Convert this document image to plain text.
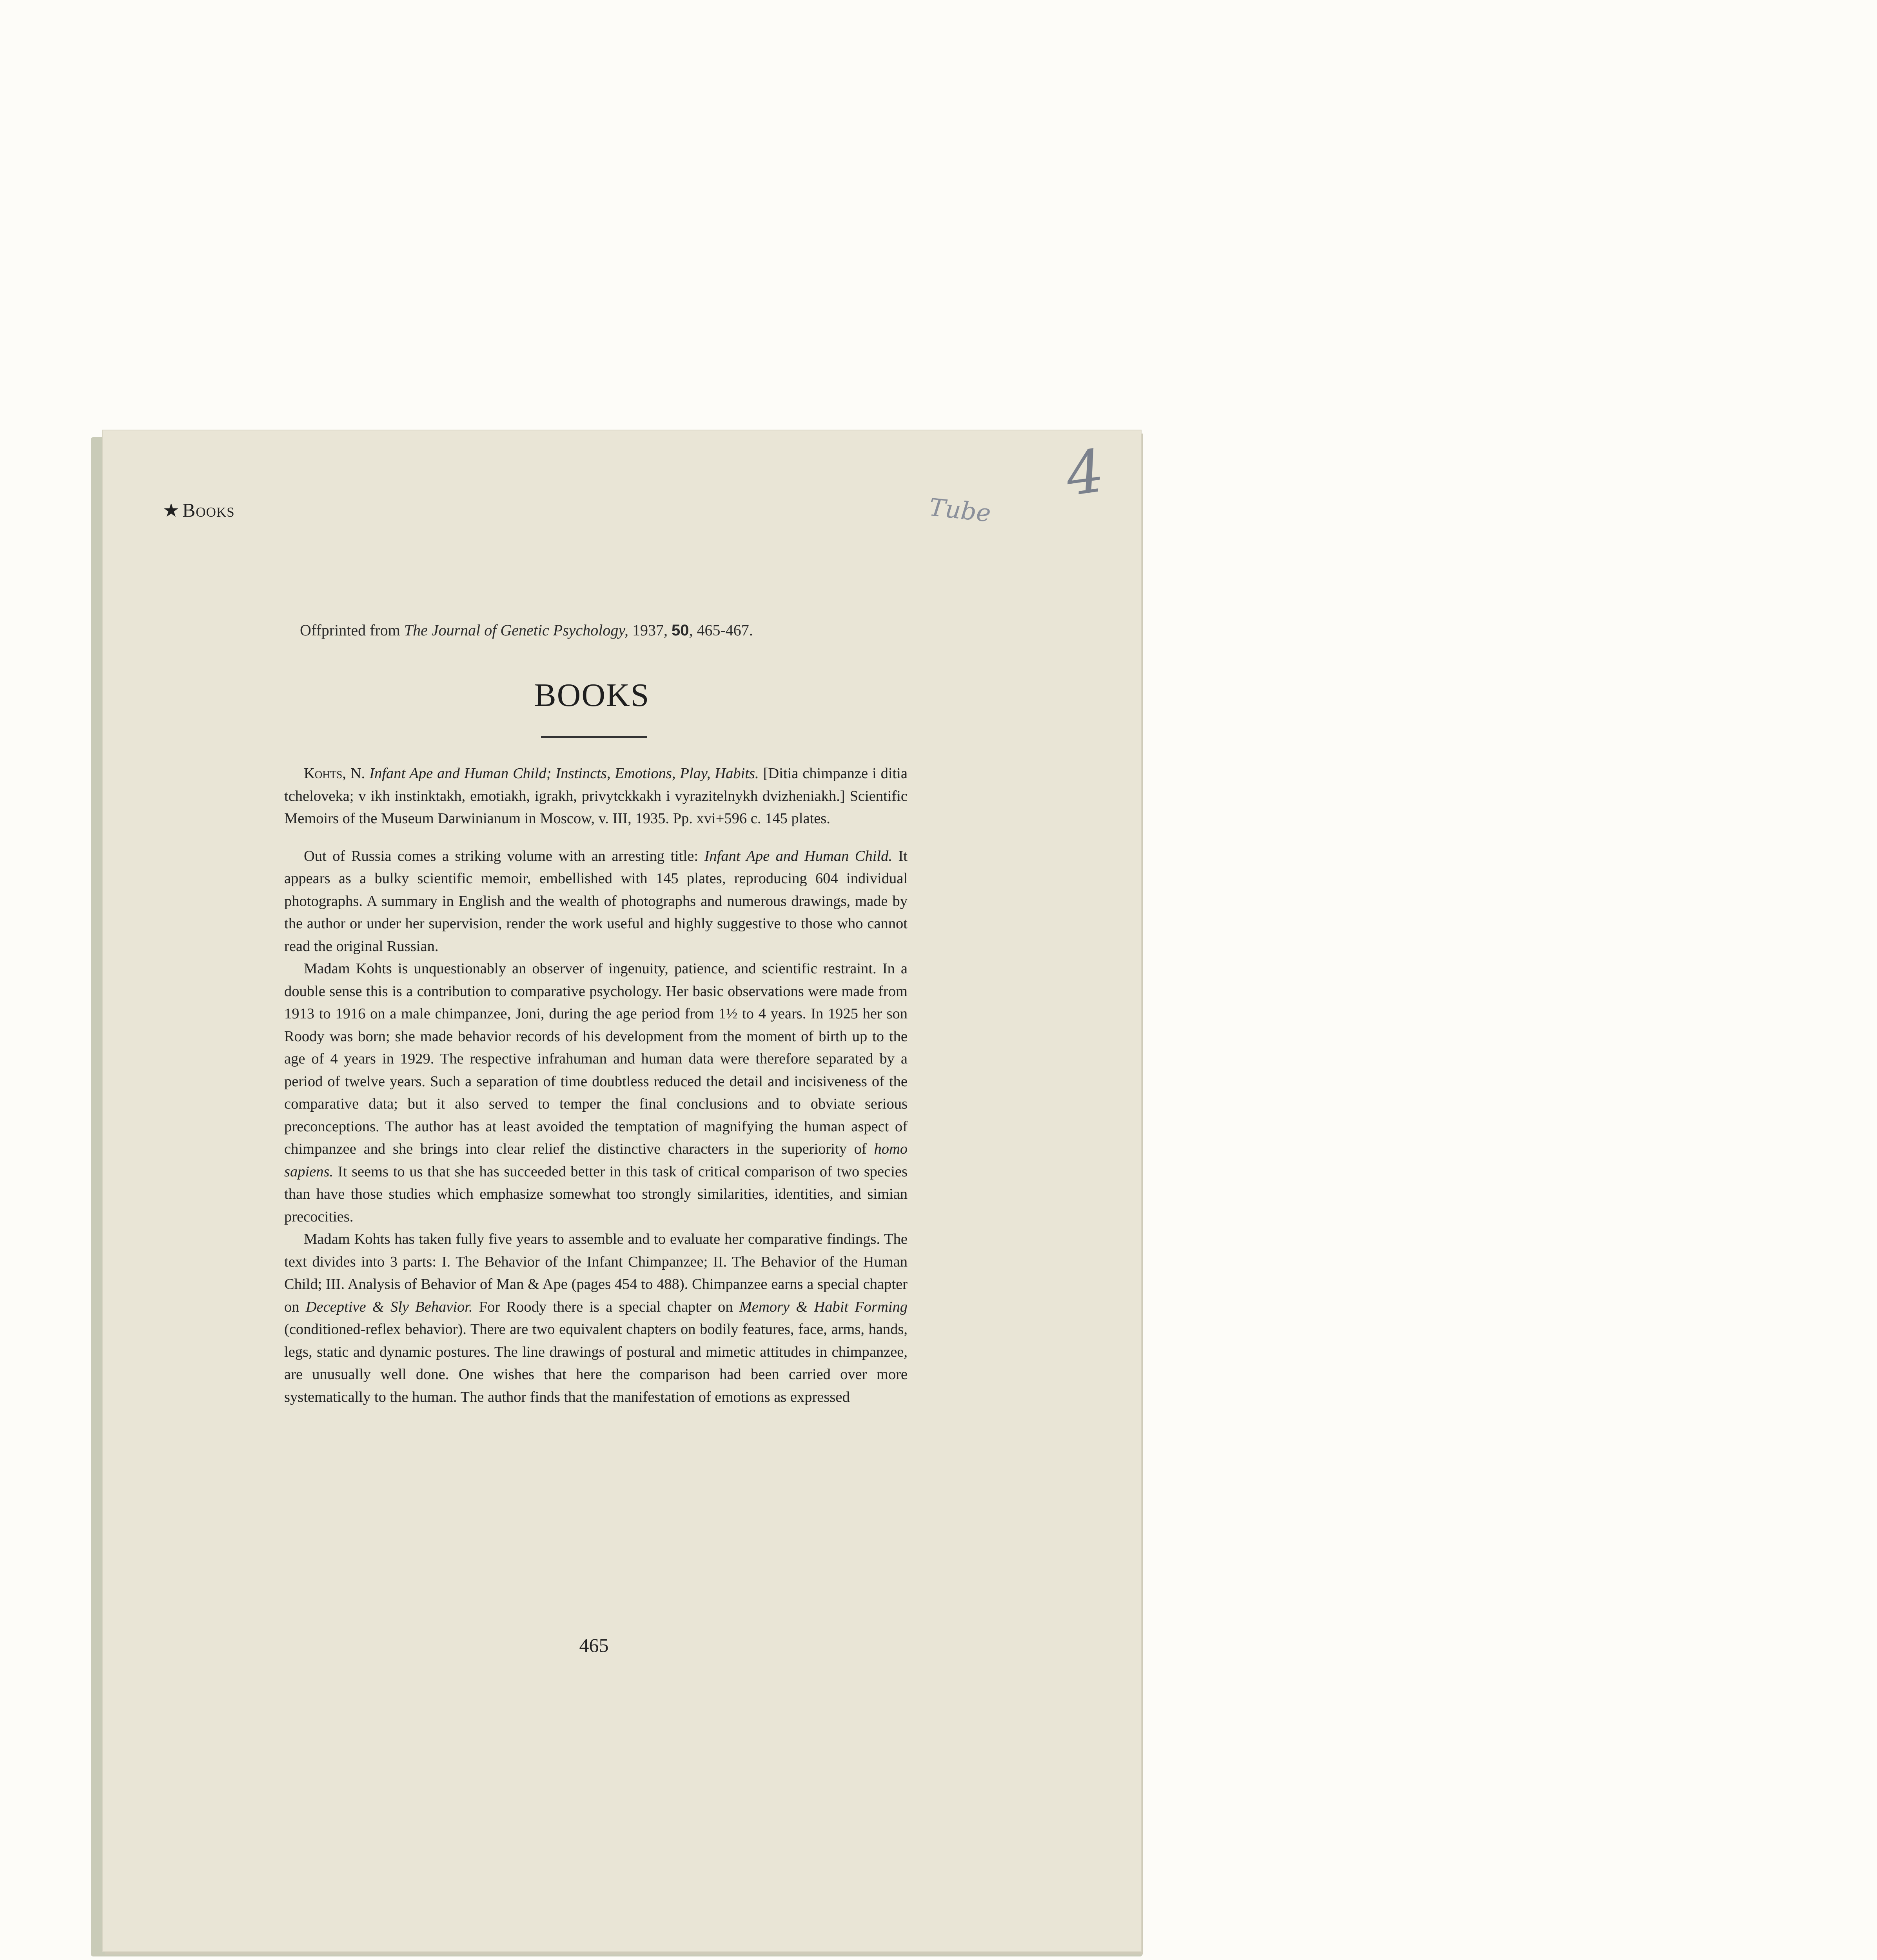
★ Books	Tube
4
Offprinted from The Journal of Genetic Psychology, 1937, 50, 465-467.
BOOKS

Kohts, N. Infant Ape and Human Child; Instincts, Emotions, Play, Habits. [Ditia chimpanze i ditia tcheloveka; v ikh instinktakh, emotiakh, igrakh, privytckkakh i vyrazitelnykh dvizheniakh.] Scientific Memoirs of the Museum Darwinianum in Moscow, v. III, 1935. Pp. xvi+596 c. 145 plates.

Out of Russia comes a striking volume with an arresting title: Infant Ape and Human Child. It appears as a bulky scientific memoir, embellished with 145 plates, reproducing 604 individual photographs. A summary in English and the wealth of photographs and numerous drawings, made by the author or under her supervision, render the work useful and highly suggestive to those who cannot read the original Russian.

Madam Kohts is unquestionably an observer of ingenuity, patience, and scientific restraint. In a double sense this is a contribution to comparative psychology. Her basic observations were made from 1913 to 1916 on a male chimpanzee, Joni, during the age period from 1½ to 4 years. In 1925 her son Roody was born; she made behavior records of his development from the moment of birth up to the age of 4 years in 1929. The respective infrahuman and human data were therefore separated by a period of twelve years. Such a separation of time doubtless reduced the detail and incisiveness of the comparative data; but it also served to temper the final conclusions and to obviate serious preconceptions. The author has at least avoided the temptation of magnifying the human aspect of chimpanzee and she brings into clear relief the distinctive characters in the superiority of homo sapiens. It seems to us that she has succeeded better in this task of critical comparison of two species than have those studies which emphasize somewhat too strongly similarities, identities, and simian precocities.

Madam Kohts has taken fully five years to assemble and to evaluate her comparative findings. The text divides into 3 parts: I. The Behavior of the Infant Chimpanzee; II. The Behavior of the Human Child; III. Analysis of Behavior of Man & Ape (pages 454 to 488). Chimpanzee earns a special chapter on Deceptive & Sly Behavior. For Roody there is a special chapter on Memory & Habit Forming (conditioned-reflex behavior). There are two equivalent chapters on bodily features, face, arms, hands, legs, static and dynamic postures. The line drawings of postural and mimetic attitudes in chimpanzee, are unusually well done. One wishes that here the comparison had been carried over more systematically to the human. The author finds that the manifestation of emotions as expressed

465
